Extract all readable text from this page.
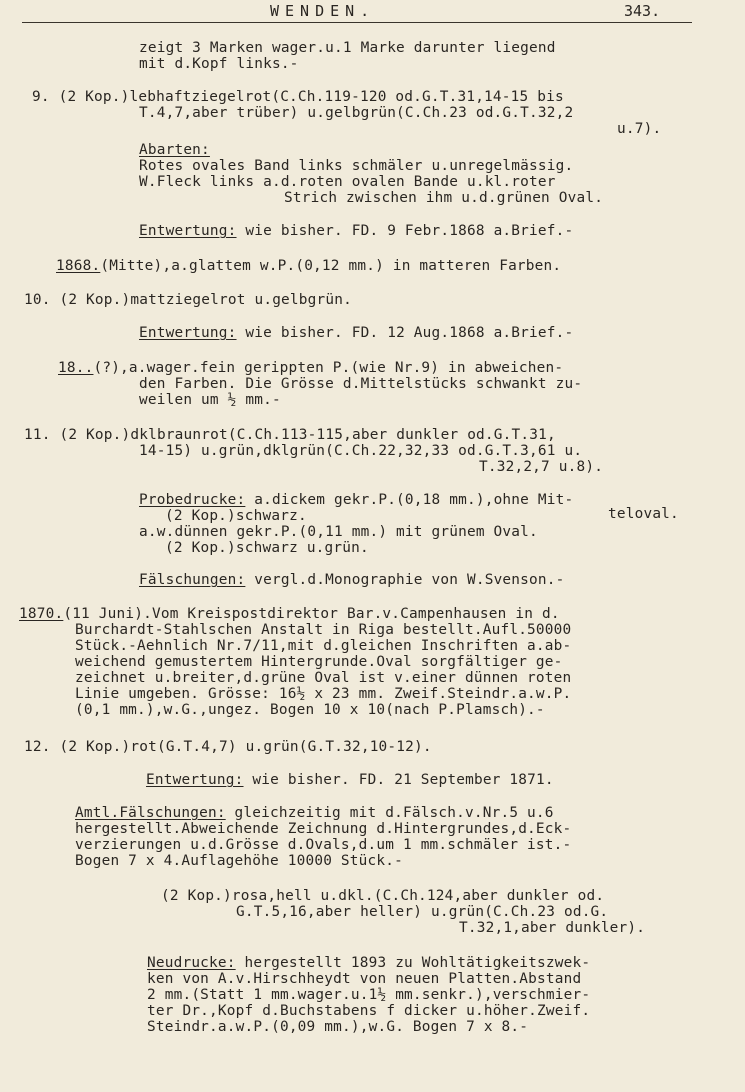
WENDEN.	343.
zeigt 3 Marken wager.u.1 Marke darunter liegend
mit d.Kopf links.-
9. (2 Kop.)lebhaftziegelrot(C.Ch.119-120 od.G.T.31,14-15 bis
T.4,7,aber trüber) u.gelbgrün(C.Ch.23 od.G.T.32,2
u.7).
Abarten:
Rotes ovales Band links schmäler u.unregelmässig.
W.Fleck links a.d.roten ovalen Bande u.kl.roter
Strich zwischen ihm u.d.grünen Oval.
Entwertung: wie bisher. FD. 9 Febr.1868 a.Brief.-
1868.(Mitte),a.glattem w.P.(0,12 mm.) in matteren Farben.
10. (2 Kop.)mattziegelrot u.gelbgrün.
Entwertung: wie bisher. FD. 12 Aug.1868 a.Brief.-
18..(?),a.wager.fein gerippten P.(wie Nr.9) in abweichen-
den Farben. Die Grösse d.Mittelstücks schwankt zu-
weilen um ½ mm.-
11. (2 Kop.)dklbraunrot(C.Ch.113-115,aber dunkler od.G.T.31,
14-15) u.grün,dklgrün(C.Ch.22,32,33 od.G.T.3,61 u.
T.32,2,7 u.8).
Probedrucke: a.dickem gekr.P.(0,18 mm.),ohne Mit-
(2 Kop.)schwarz.	teloval.
a.w.dünnen gekr.P.(0,11 mm.) mit grünem Oval.
(2 Kop.)schwarz u.grün.
Fälschungen: vergl.d.Monographie von W.Svenson.-
1870.(11 Juni).Vom Kreispostdirektor Bar.v.Campenhausen in d.
Burchardt-Stahlschen Anstalt in Riga bestellt.Aufl.50000
Stück.-Aehnlich Nr.7/11,mit d.gleichen Inschriften a.ab-
weichend gemustertem Hintergrunde.Oval sorgfältiger ge-
zeichnet u.breiter,d.grüne Oval ist v.einer dünnen roten
Linie umgeben. Grösse: 16½ x 23 mm. Zweif.Steindr.a.w.P.
(0,1 mm.),w.G.,ungez. Bogen 10 x 10(nach P.Plamsch).-
12. (2 Kop.)rot(G.T.4,7) u.grün(G.T.32,10-12).
Entwertung: wie bisher. FD. 21 September 1871.
Amtl.Fälschungen: gleichzeitig mit d.Fälsch.v.Nr.5 u.6
hergestellt.Abweichende Zeichnung d.Hintergrundes,d.Eck-
verzierungen u.d.Grösse d.Ovals,d.um 1 mm.schmäler ist.-
Bogen 7 x 4.Auflagehöhe 10000 Stück.-
(2 Kop.)rosa,hell u.dkl.(C.Ch.124,aber dunkler od.
G.T.5,16,aber heller) u.grün(C.Ch.23 od.G.
T.32,1,aber dunkler).
Neudrucke: hergestellt 1893 zu Wohltätigkeitszwek-
ken von A.v.Hirschheydt von neuen Platten.Abstand
2 mm.(Statt 1 mm.wager.u.1½ mm.senkr.),verschmier-
ter Dr.,Kopf d.Buchstabens f dicker u.höher.Zweif.
Steindr.a.w.P.(0,09 mm.),w.G. Bogen 7 x 8.-
